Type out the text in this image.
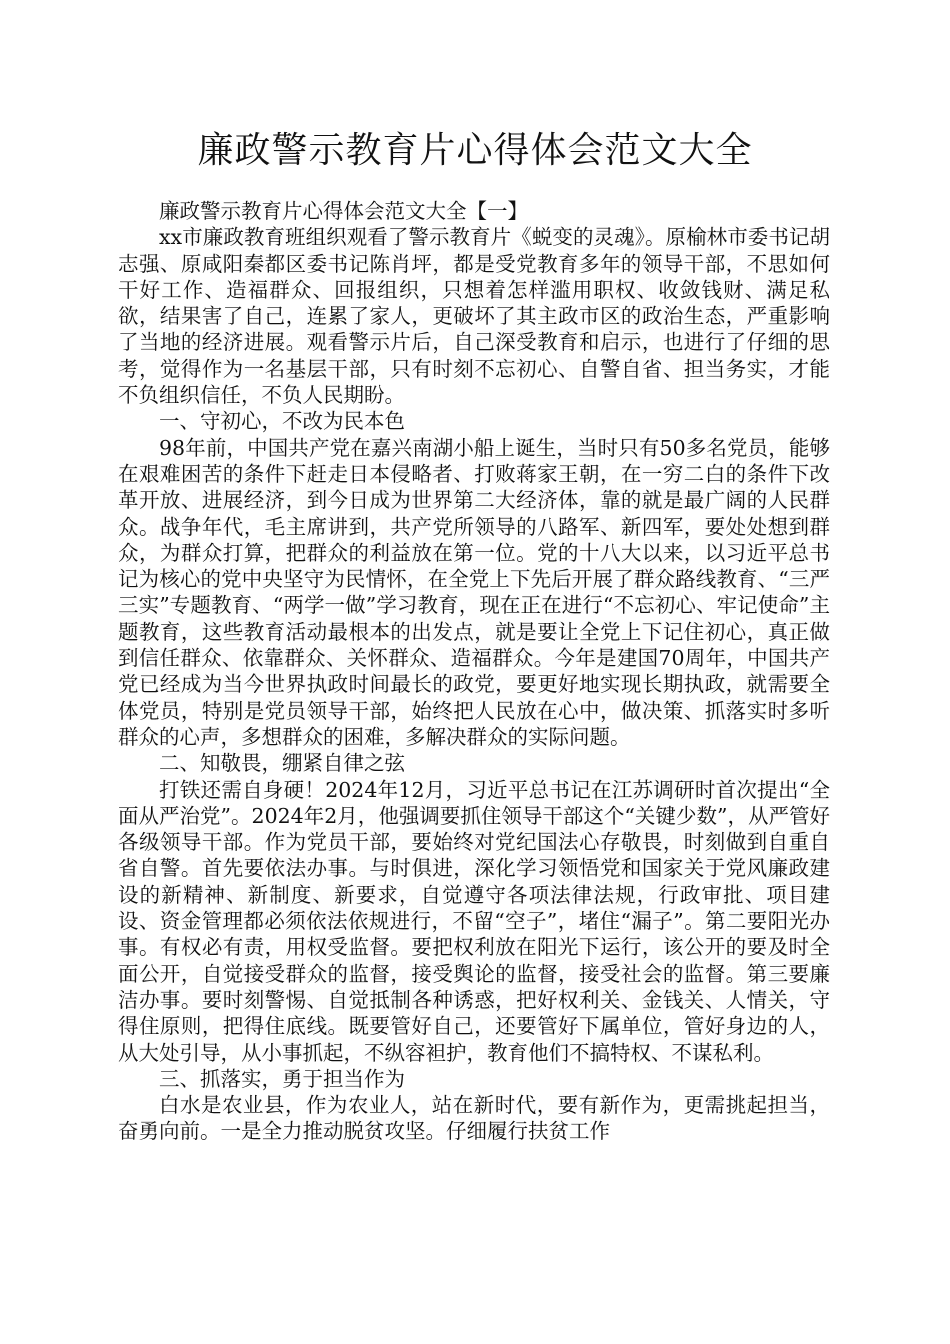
廉政警示教育片心得体会范文大全

廉政警示教育片心得体会范文大全【一】

xx市廉政教育班组织观看了警示教育片《蜕变的灵魂》。原榆林市委书记胡志强、原咸阳秦都区委书记陈肖坪，都是受党教育多年的领导干部，不思如何干好工作、造福群众、回报组织，只想着怎样滥用职权、收敛钱财、满足私欲，结果害了自己，连累了家人，更破坏了其主政市区的政治生态，严重影响了当地的经济进展。观看警示片后，自己深受教育和启示，也进行了仔细的思考，觉得作为一名基层干部，只有时刻不忘初心、自警自省、担当务实，才能不负组织信任，不负人民期盼。

一、守初心，不改为民本色

98年前，中国共产党在嘉兴南湖小船上诞生，当时只有50多名党员，能够在艰难困苦的条件下赶走日本侵略者、打败蒋家王朝，在一穷二白的条件下改革开放、进展经济，到今日成为世界第二大经济体，靠的就是最广阔的人民群众。战争年代，毛主席讲到，共产党所领导的八路军、新四军，要处处想到群众，为群众打算，把群众的利益放在第一位。党的十八大以来，以习近平总书记为核心的党中央坚守为民情怀，在全党上下先后开展了群众路线教育、“三严三实”专题教育、“两学一做”学习教育，现在正在进行“不忘初心、牢记使命”主题教育，这些教育活动最根本的出发点，就是要让全党上下记住初心，真正做到信任群众、依靠群众、关怀群众、造福群众。今年是建国70周年，中国共产党已经成为当今世界执政时间最长的政党，要更好地实现长期执政，就需要全体党员，特别是党员领导干部，始终把人民放在心中，做决策、抓落实时多听群众的心声，多想群众的困难，多解决群众的实际问题。

二、知敬畏，绷紧自律之弦

打铁还需自身硬！2024年12月，习近平总书记在江苏调研时首次提出“全面从严治党”。2024年2月，他强调要抓住领导干部这个“关键少数”，从严管好各级领导干部。作为党员干部，要始终对党纪国法心存敬畏，时刻做到自重自省自警。首先要依法办事。与时俱进，深化学习领悟党和国家关于党风廉政建设的新精神、新制度、新要求，自觉遵守各项法律法规，行政审批、项目建设、资金管理都必须依法依规进行，不留“空子”，堵住“漏子”。第二要阳光办事。有权必有责，用权受监督。要把权利放在阳光下运行，该公开的要及时全面公开，自觉接受群众的监督，接受舆论的监督，接受社会的监督。第三要廉洁办事。要时刻警惕、自觉抵制各种诱惑，把好权利关、金钱关、人情关，守得住原则，把得住底线。既要管好自己，还要管好下属单位，管好身边的人，从大处引导，从小事抓起，不纵容袒护，教育他们不搞特权、不谋私利。

三、抓落实，勇于担当作为

白水是农业县，作为农业人，站在新时代，要有新作为，更需挑起担当，奋勇向前。一是全力推动脱贫攻坚。仔细履行扶贫工作
